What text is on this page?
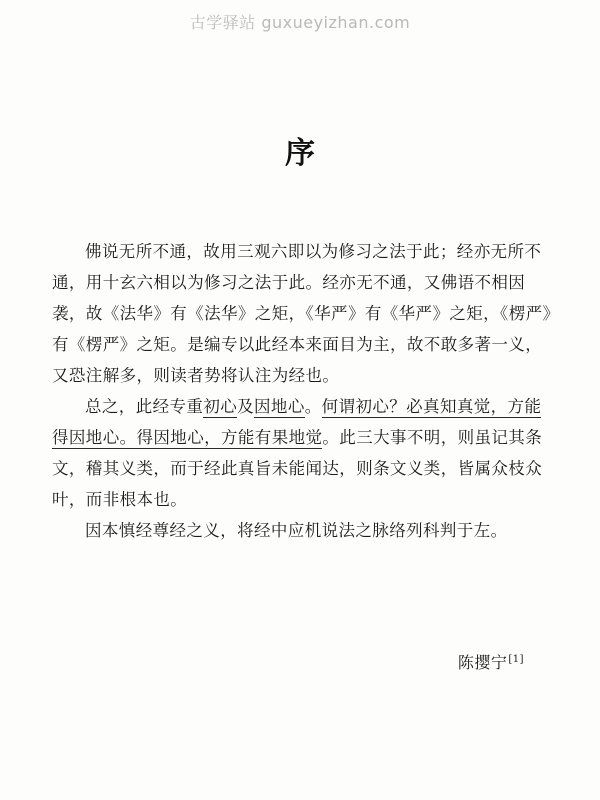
古学驿站 guxueyizhan.com
序

佛说无所不通，故用三观六即以为修习之法于此；经亦无所不通，用十玄六相以为修习之法于此。经亦无不通，又佛语不相因袭，故《法华》有《法华》之矩，《华严》有《华严》之矩，《楞严》有《楞严》之矩。是编专以此经本来面目为主，故不敢多著一义，又恐注解多，则读者势将认注为经也。

总之，此经专重初心及因地心。何谓初心？必真知真觉，方能得因地心。得因地心，方能有果地觉。此三大事不明，则虽记其条文，稽其义类，而于经此真旨未能闻达，则条文义类，皆属众枝众叶，而非根本也。

因本慎经尊经之义，将经中应机说法之脉络列科判于左。

陈撄宁[1]
